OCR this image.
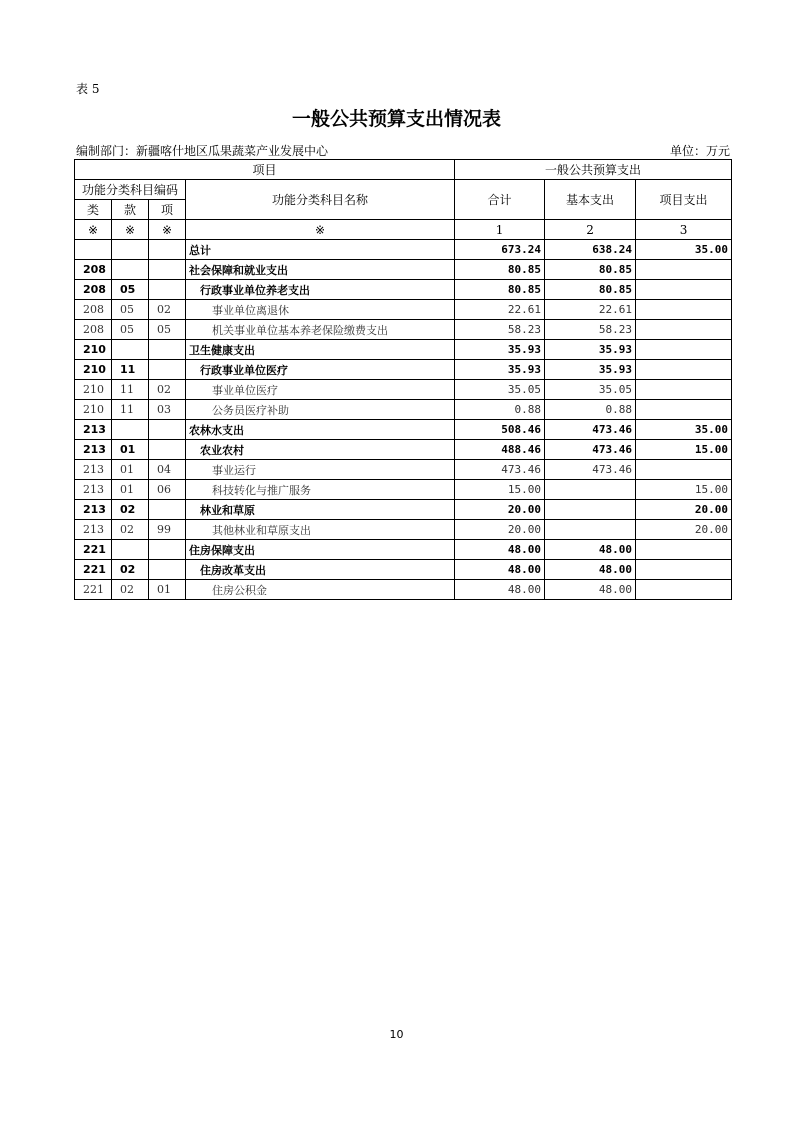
表 5
一般公共预算支出情况表
编制部门：新疆喀什地区瓜果蔬菜产业发展中心	单位：万元
项目				一般公共预算支出		
功能分类科目编码			功能分类科目名称	合计	基本支出	项目支出
类	款	项				
※	※	※	※	1	2	3
			总计	673.24	638.24	35.00
208			社会保障和就业支出	80.85	80.85	
208	05		行政事业单位养老支出	80.85	80.85	
208	05	02	事业单位离退休	22.61	22.61	
208	05	05	机关事业单位基本养老保险缴费支出	58.23	58.23	
210			卫生健康支出	35.93	35.93	
210	11		行政事业单位医疗	35.93	35.93	
210	11	02	事业单位医疗	35.05	35.05	
210	11	03	公务员医疗补助	0.88	0.88	
213			农林水支出	508.46	473.46	35.00
213	01		农业农村	488.46	473.46	15.00
213	01	04	事业运行	473.46	473.46	
213	01	06	科技转化与推广服务	15.00		15.00
213	02		林业和草原	20.00		20.00
213	02	99	其他林业和草原支出	20.00		20.00
221			住房保障支出	48.00	48.00	
221	02		住房改革支出	48.00	48.00	
221	02	01	住房公积金	48.00	48.00	
10
